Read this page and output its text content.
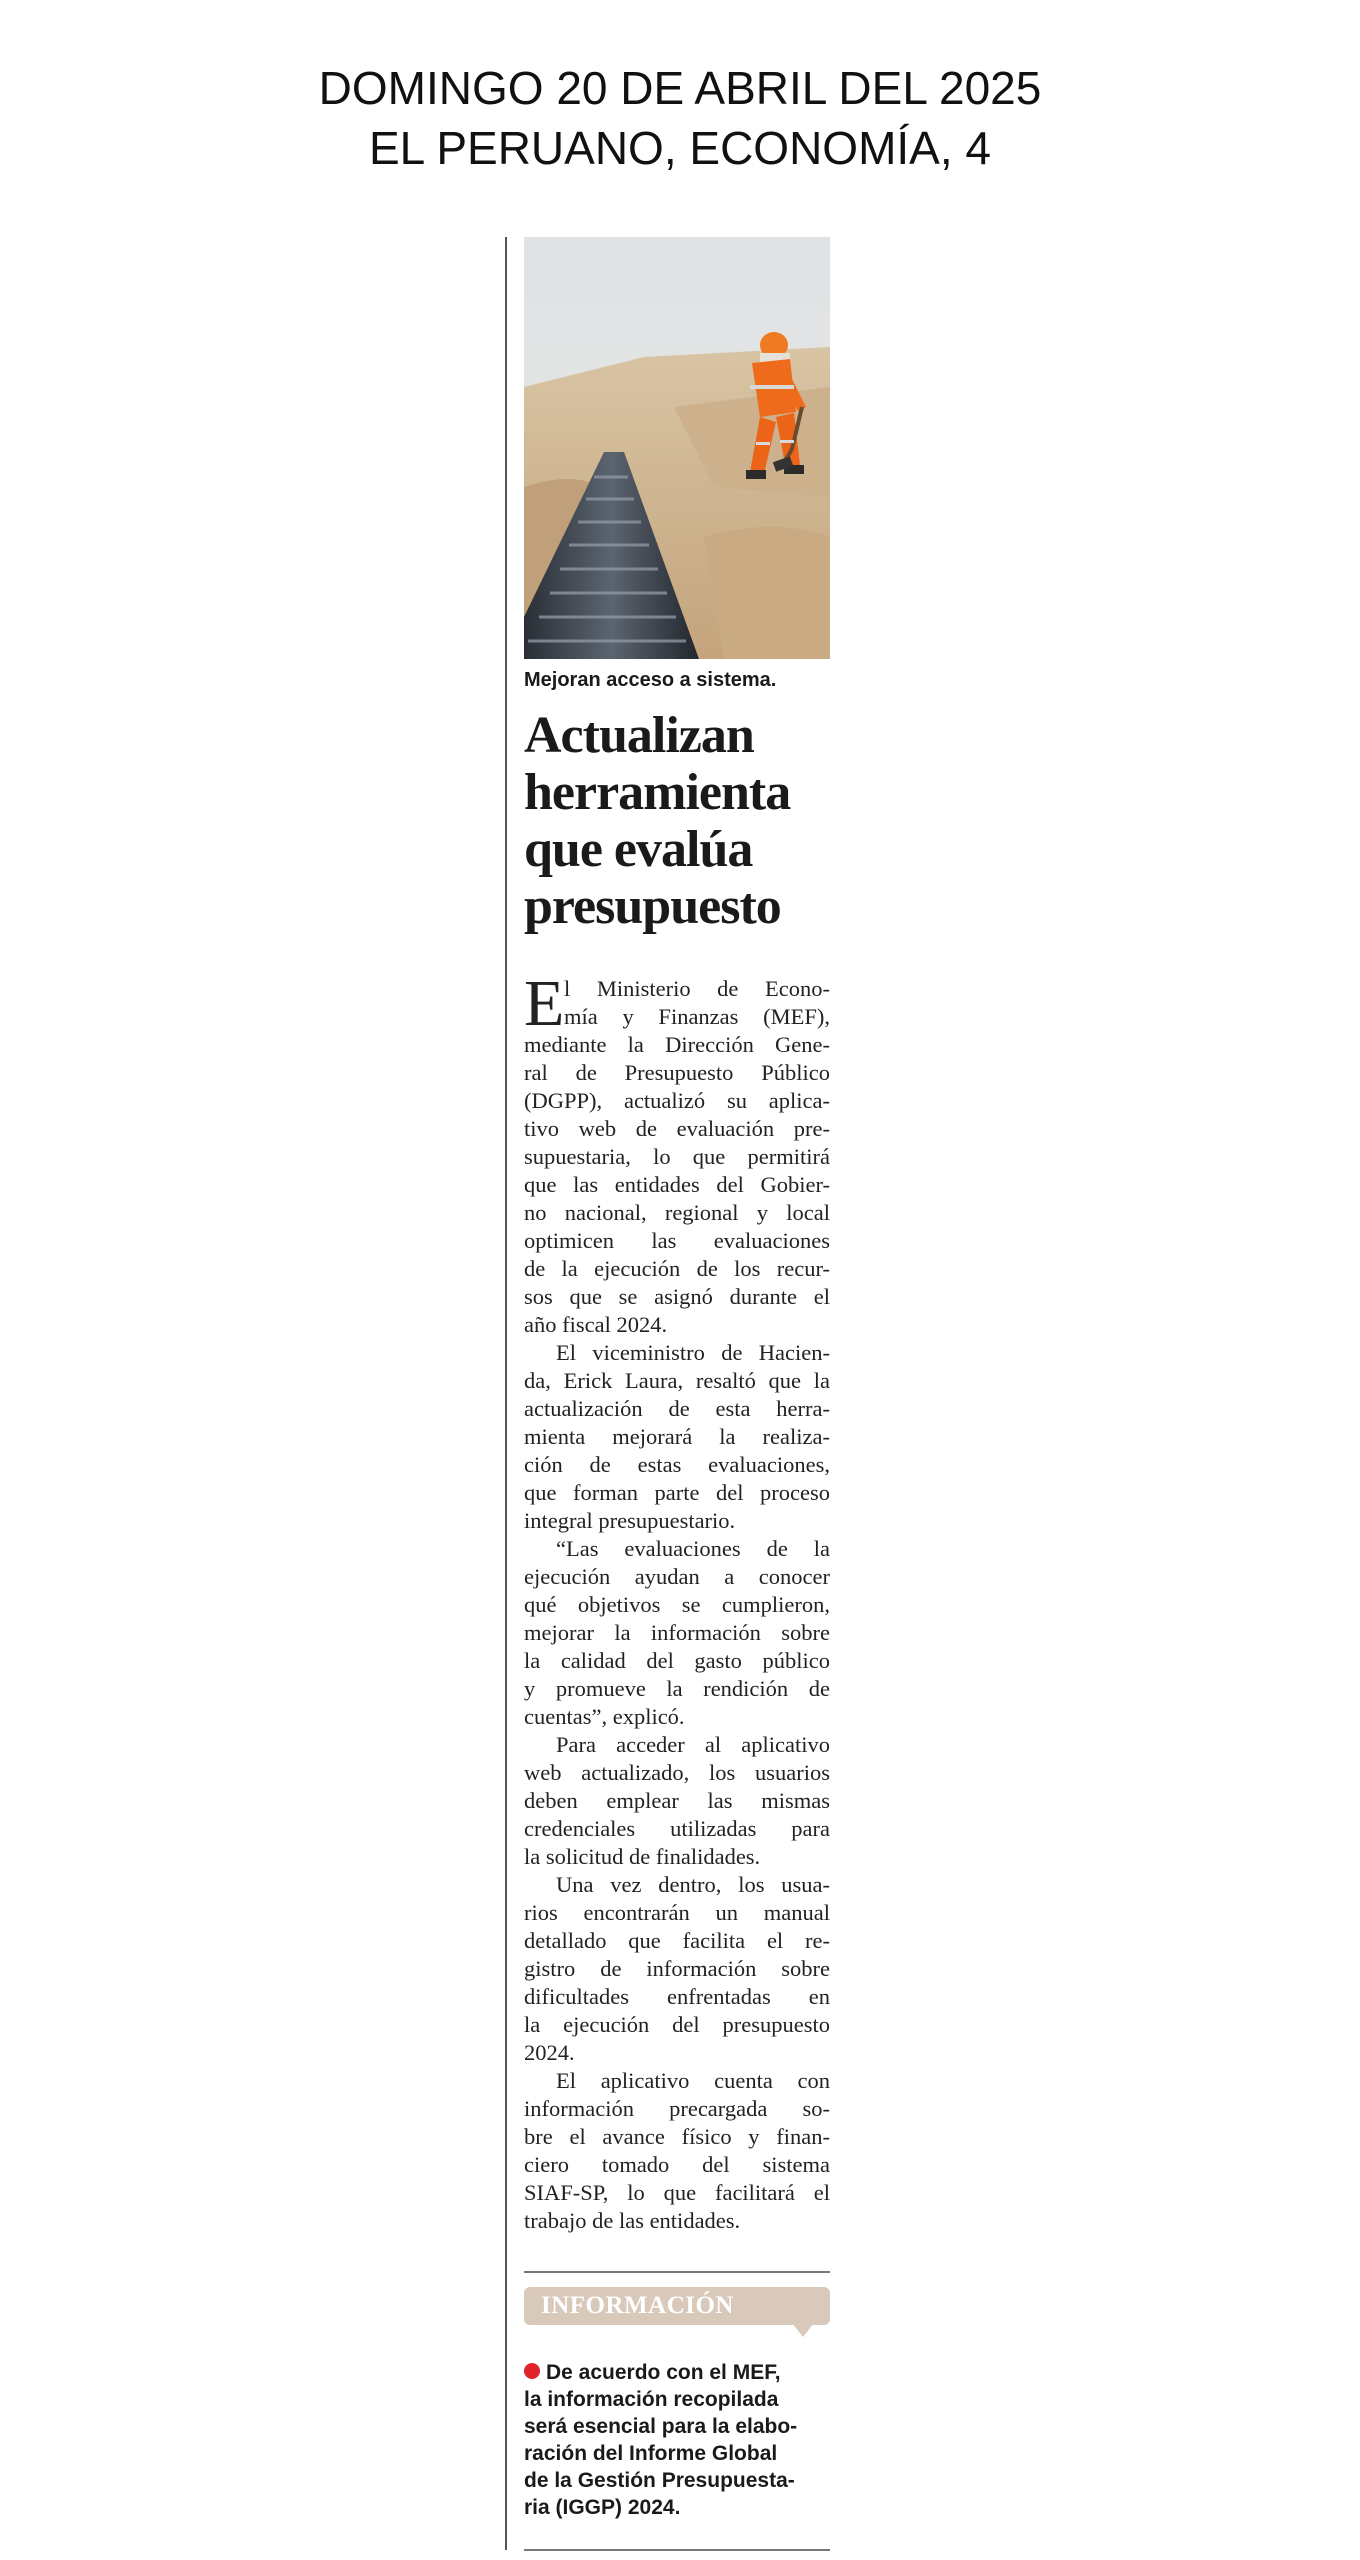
DOMINGO 20 DE ABRIL DEL 2025
EL PERUANO, ECONOMÍA, 4
Mejoran acceso a sistema.
Actualizan
herramienta
que evalúa
presupuesto
E l Ministerio de Econo-
mía y Finanzas (MEF),
mediante la Dirección Gene-
ral de Presupuesto Público
(DGPP), actualizó su aplica-
tivo web de evaluación pre-
supuestaria, lo que permitirá
que las entidades del Gobier-
no nacional, regional y local
optimicen las evaluaciones
de la ejecución de los recur-
sos que se asignó durante el
año fiscal 2024.
El viceministro de Hacien-
da, Erick Laura, resaltó que la
actualización de esta herra-
mienta mejorará la realiza-
ción de estas evaluaciones,
que forman parte del proceso
integral presupuestario.
“Las evaluaciones de la
ejecución ayudan a conocer
qué objetivos se cumplieron,
mejorar la información sobre
la calidad del gasto público
y promueve la rendición de
cuentas”, explicó.
Para acceder al aplicativo
web actualizado, los usuarios
deben emplear las mismas
credenciales utilizadas para
la solicitud de finalidades.
Una vez dentro, los usua-
rios encontrarán un manual
detallado que facilita el re-
gistro de información sobre
dificultades enfrentadas en
la ejecución del presupuesto
2024.
El aplicativo cuenta con
información precargada so-
bre el avance físico y finan-
ciero tomado del sistema
SIAF-SP, lo que facilitará el
trabajo de las entidades.
INFORMACIÓN
De acuerdo con el MEF,
la información recopilada
será esencial para la elabo-
ración del Informe Global
de la Gestión Presupuesta-
ria (IGGP) 2024.
